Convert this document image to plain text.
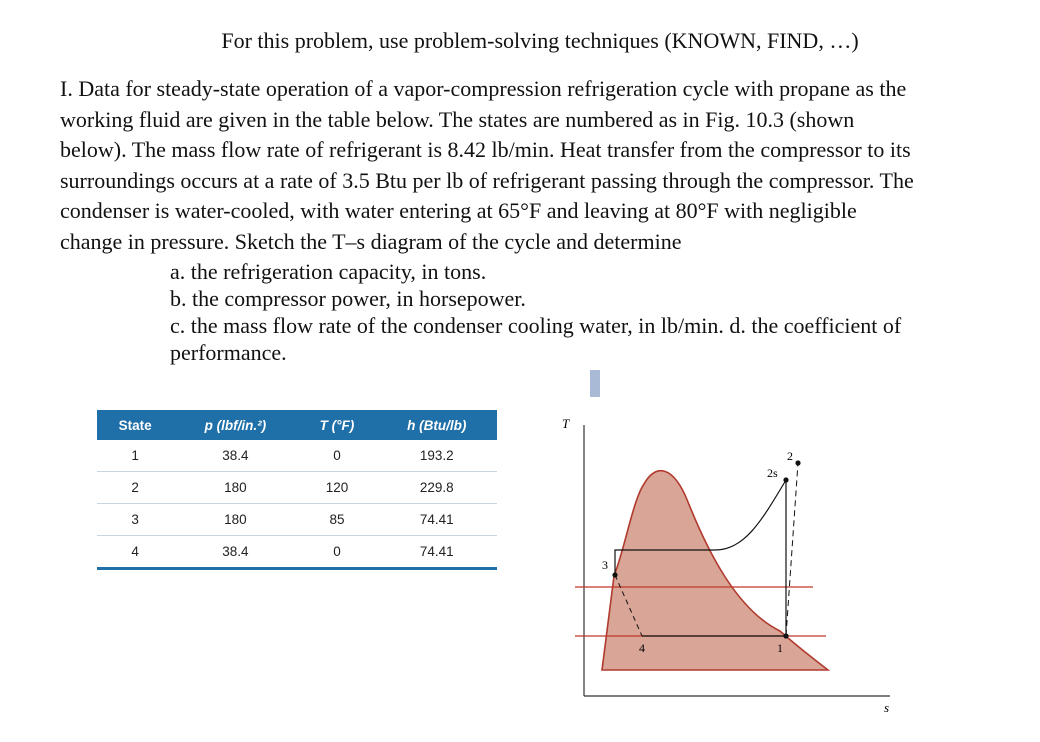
For this problem, use problem-solving techniques (KNOWN, FIND, …)
I. Data for steady-state operation of a vapor-compression refrigeration cycle with propane as the
working fluid are given in the table below. The states are numbered as in Fig. 10.3 (shown
below). The mass flow rate of refrigerant is 8.42 lb/min. Heat transfer from the compressor to its
surroundings occurs at a rate of 3.5 Btu per lb of refrigerant passing through the compressor. The
condenser is water-cooled, with water entering at 65°F and leaving at 80°F with negligible
change in pressure. Sketch the T–s diagram of the cycle and determine

a. the refrigeration capacity, in tons.

b. the compressor power, in horsepower.

c. the mass flow rate of the condenser cooling water, in lb/min. d. the coefficient of

performance.

State	p (lbf/in.²)	T (°F)	h (Btu/lb)
1	38.4	0	193.2
2	180	120	229.8
3	180	85	74.41
4	38.4	0	74.41
T
s
3
4
2s
2
1
